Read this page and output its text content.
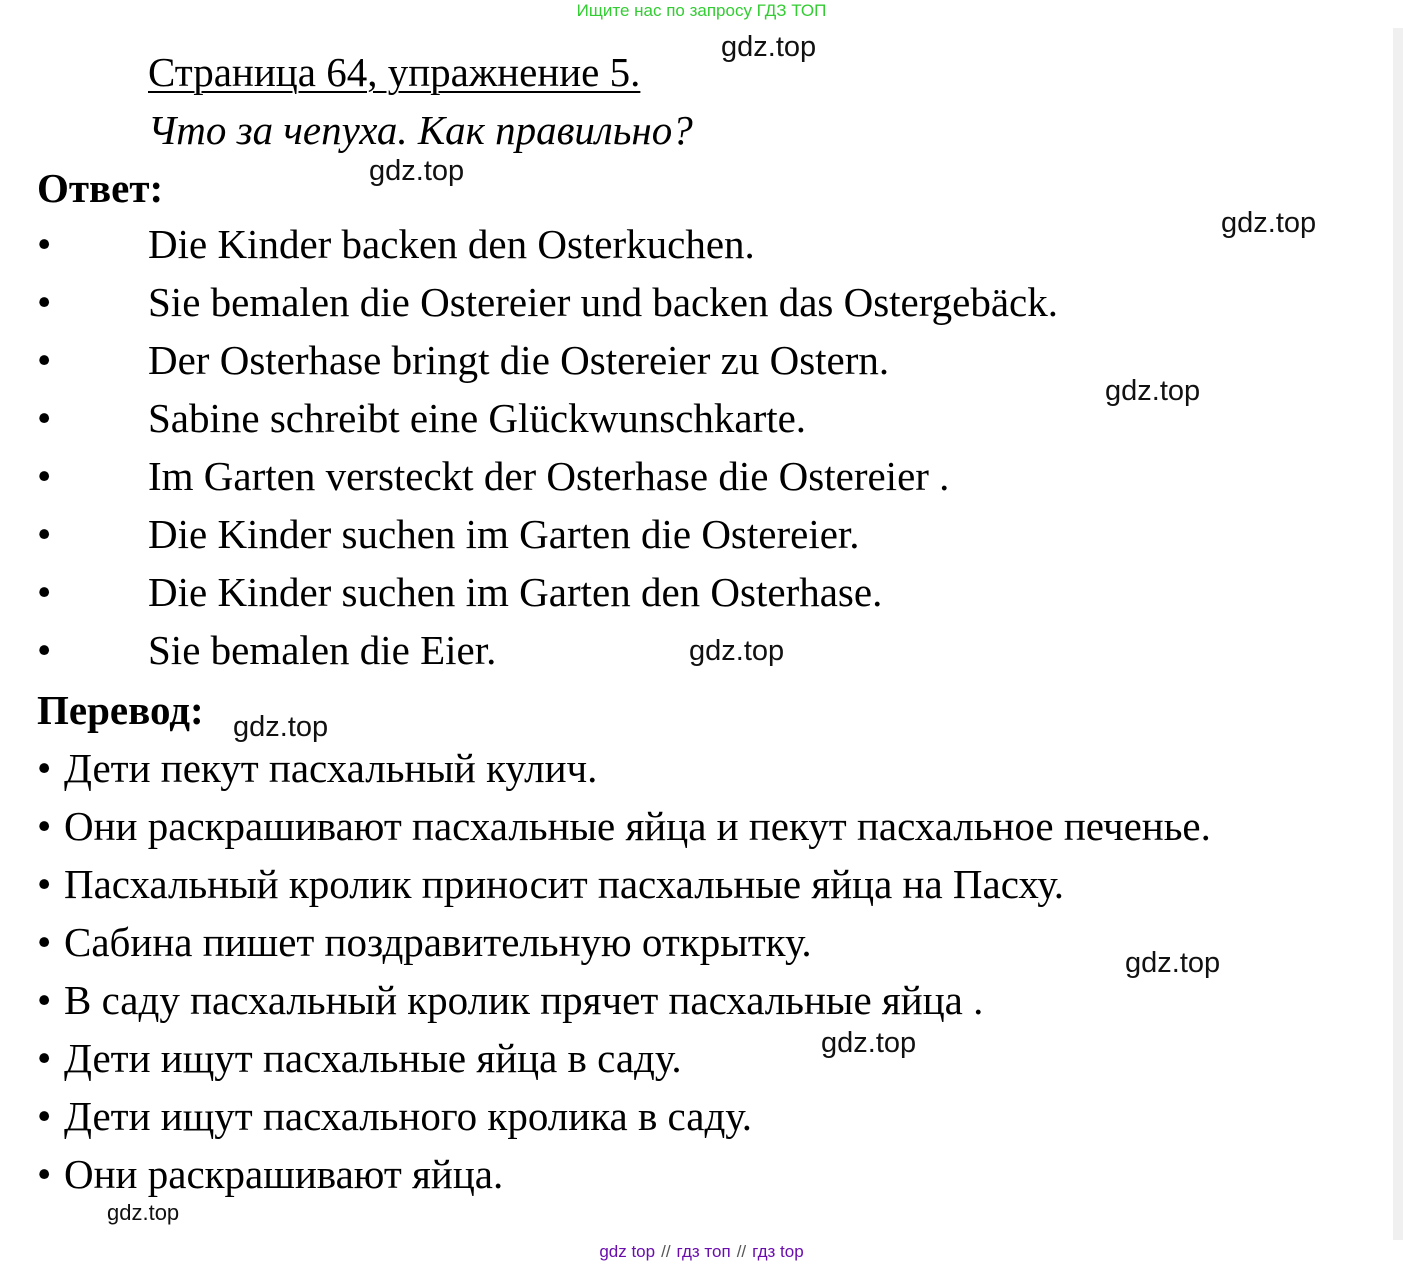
Ищите нас по запросу ГДЗ ТОП
Страница 64, упражнение 5.
Что за чепуха. Как правильно?
Ответ:
• Die Kinder backen den Osterkuchen.
• Sie bemalen die Ostereier und backen das Ostergebäck.
• Der Osterhase bringt die Ostereier zu Ostern.
• Sabine schreibt eine Glückwunschkarte.
• Im Garten versteckt der Osterhase die Ostereier .
• Die Kinder suchen im Garten die Ostereier.
• Die Kinder suchen im Garten den Osterhase.
• Sie bemalen die Eier.
Перевод:
• Дети пекут пасхальный кулич.
• Они раскрашивают пасхальные яйца и пекут пасхальное печенье.
• Пасхальный кролик приносит пасхальные яйца на Пасху.
• Сабина пишет поздравительную открытку.
• В саду пасхальный кролик прячет пасхальные яйца .
• Дети ищут пасхальные яйца в саду.
• Дети ищут пасхального кролика в саду.
• Они раскрашивают яйца.
gdz.top
gdz.top
gdz.top
gdz.top
gdz.top
gdz.top
gdz.top
gdz.top
gdz.top
gdz top // гдз топ // гдз top
